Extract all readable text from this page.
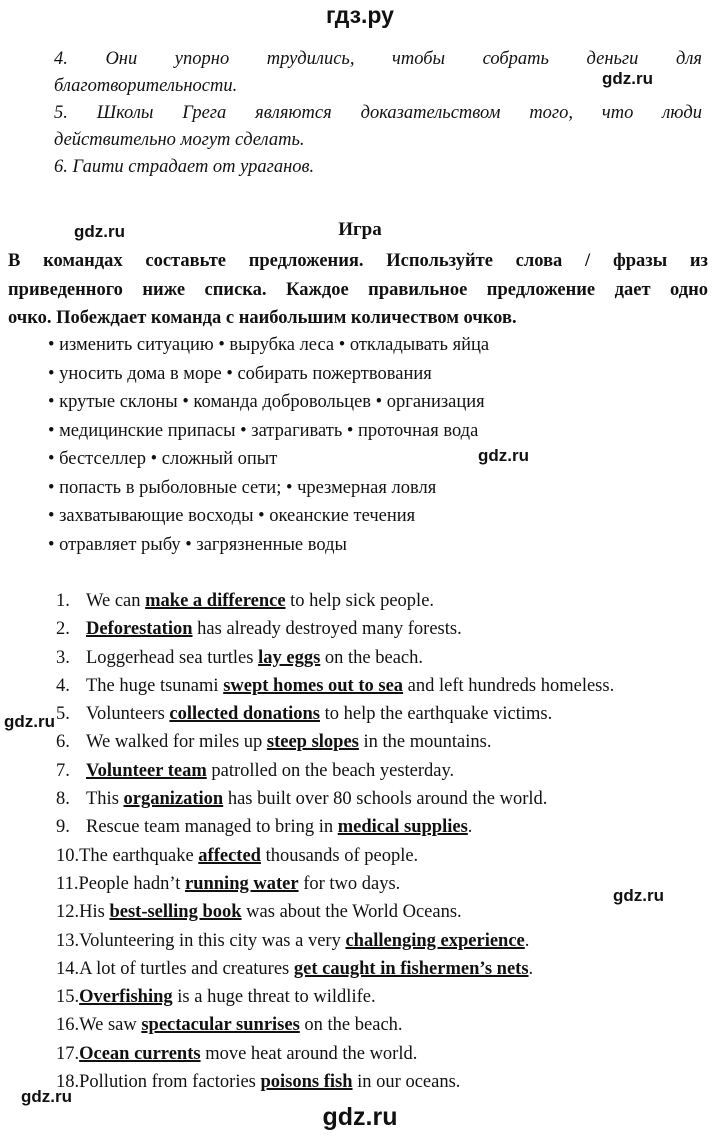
гдз.ру
gdz.ru
gdz.ru
gdz.ru
gdz.ru
gdz.ru
gdz.ru
4. Они упорно трудились, чтобы собрать деньги для
благотворительности.
5. Школы Грега являются доказательством того, что люди
действительно могут сделать.
6. Гаити страдает от ураганов.
Игра
В командах составьте предложения. Используйте слова / фразы из
приведенного ниже списка. Каждое правильное предложение дает одно
очко. Побеждает команда с наибольшим количеством очков.
• изменить ситуацию • вырубка леса • откладывать яйца
• уносить дома в море • собирать пожертвования
• крутые склоны • команда добровольцев • организация
• медицинские припасы • затрагивать • проточная вода
• бестселлер • сложный опыт
• попасть в рыболовные сети; • чрезмерная ловля
• захватывающие восходы • океанские течения
• отравляет рыбу • загрязненные воды
1. We can make a difference to help sick people.
2. Deforestation has already destroyed many forests.
3. Loggerhead sea turtles lay eggs on the beach.
4. The huge tsunami swept homes out to sea and left hundreds homeless.
5. Volunteers collected donations to help the earthquake victims.
6. We walked for miles up steep slopes in the mountains.
7. Volunteer team patrolled on the beach yesterday.
8. This organization has built over 80 schools around the world.
9. Rescue team managed to bring in medical supplies.
10.The earthquake affected thousands of people.
11.People hadn’t running water for two days.
12.His best-selling book was about the World Oceans.
13.Volunteering in this city was a very challenging experience.
14.A lot of turtles and creatures get caught in fishermen’s nets.
15.Overfishing is a huge threat to wildlife.
16.We saw spectacular sunrises on the beach.
17.Ocean currents move heat around the world.
18.Pollution from factories poisons fish in our oceans.
gdz.ru
